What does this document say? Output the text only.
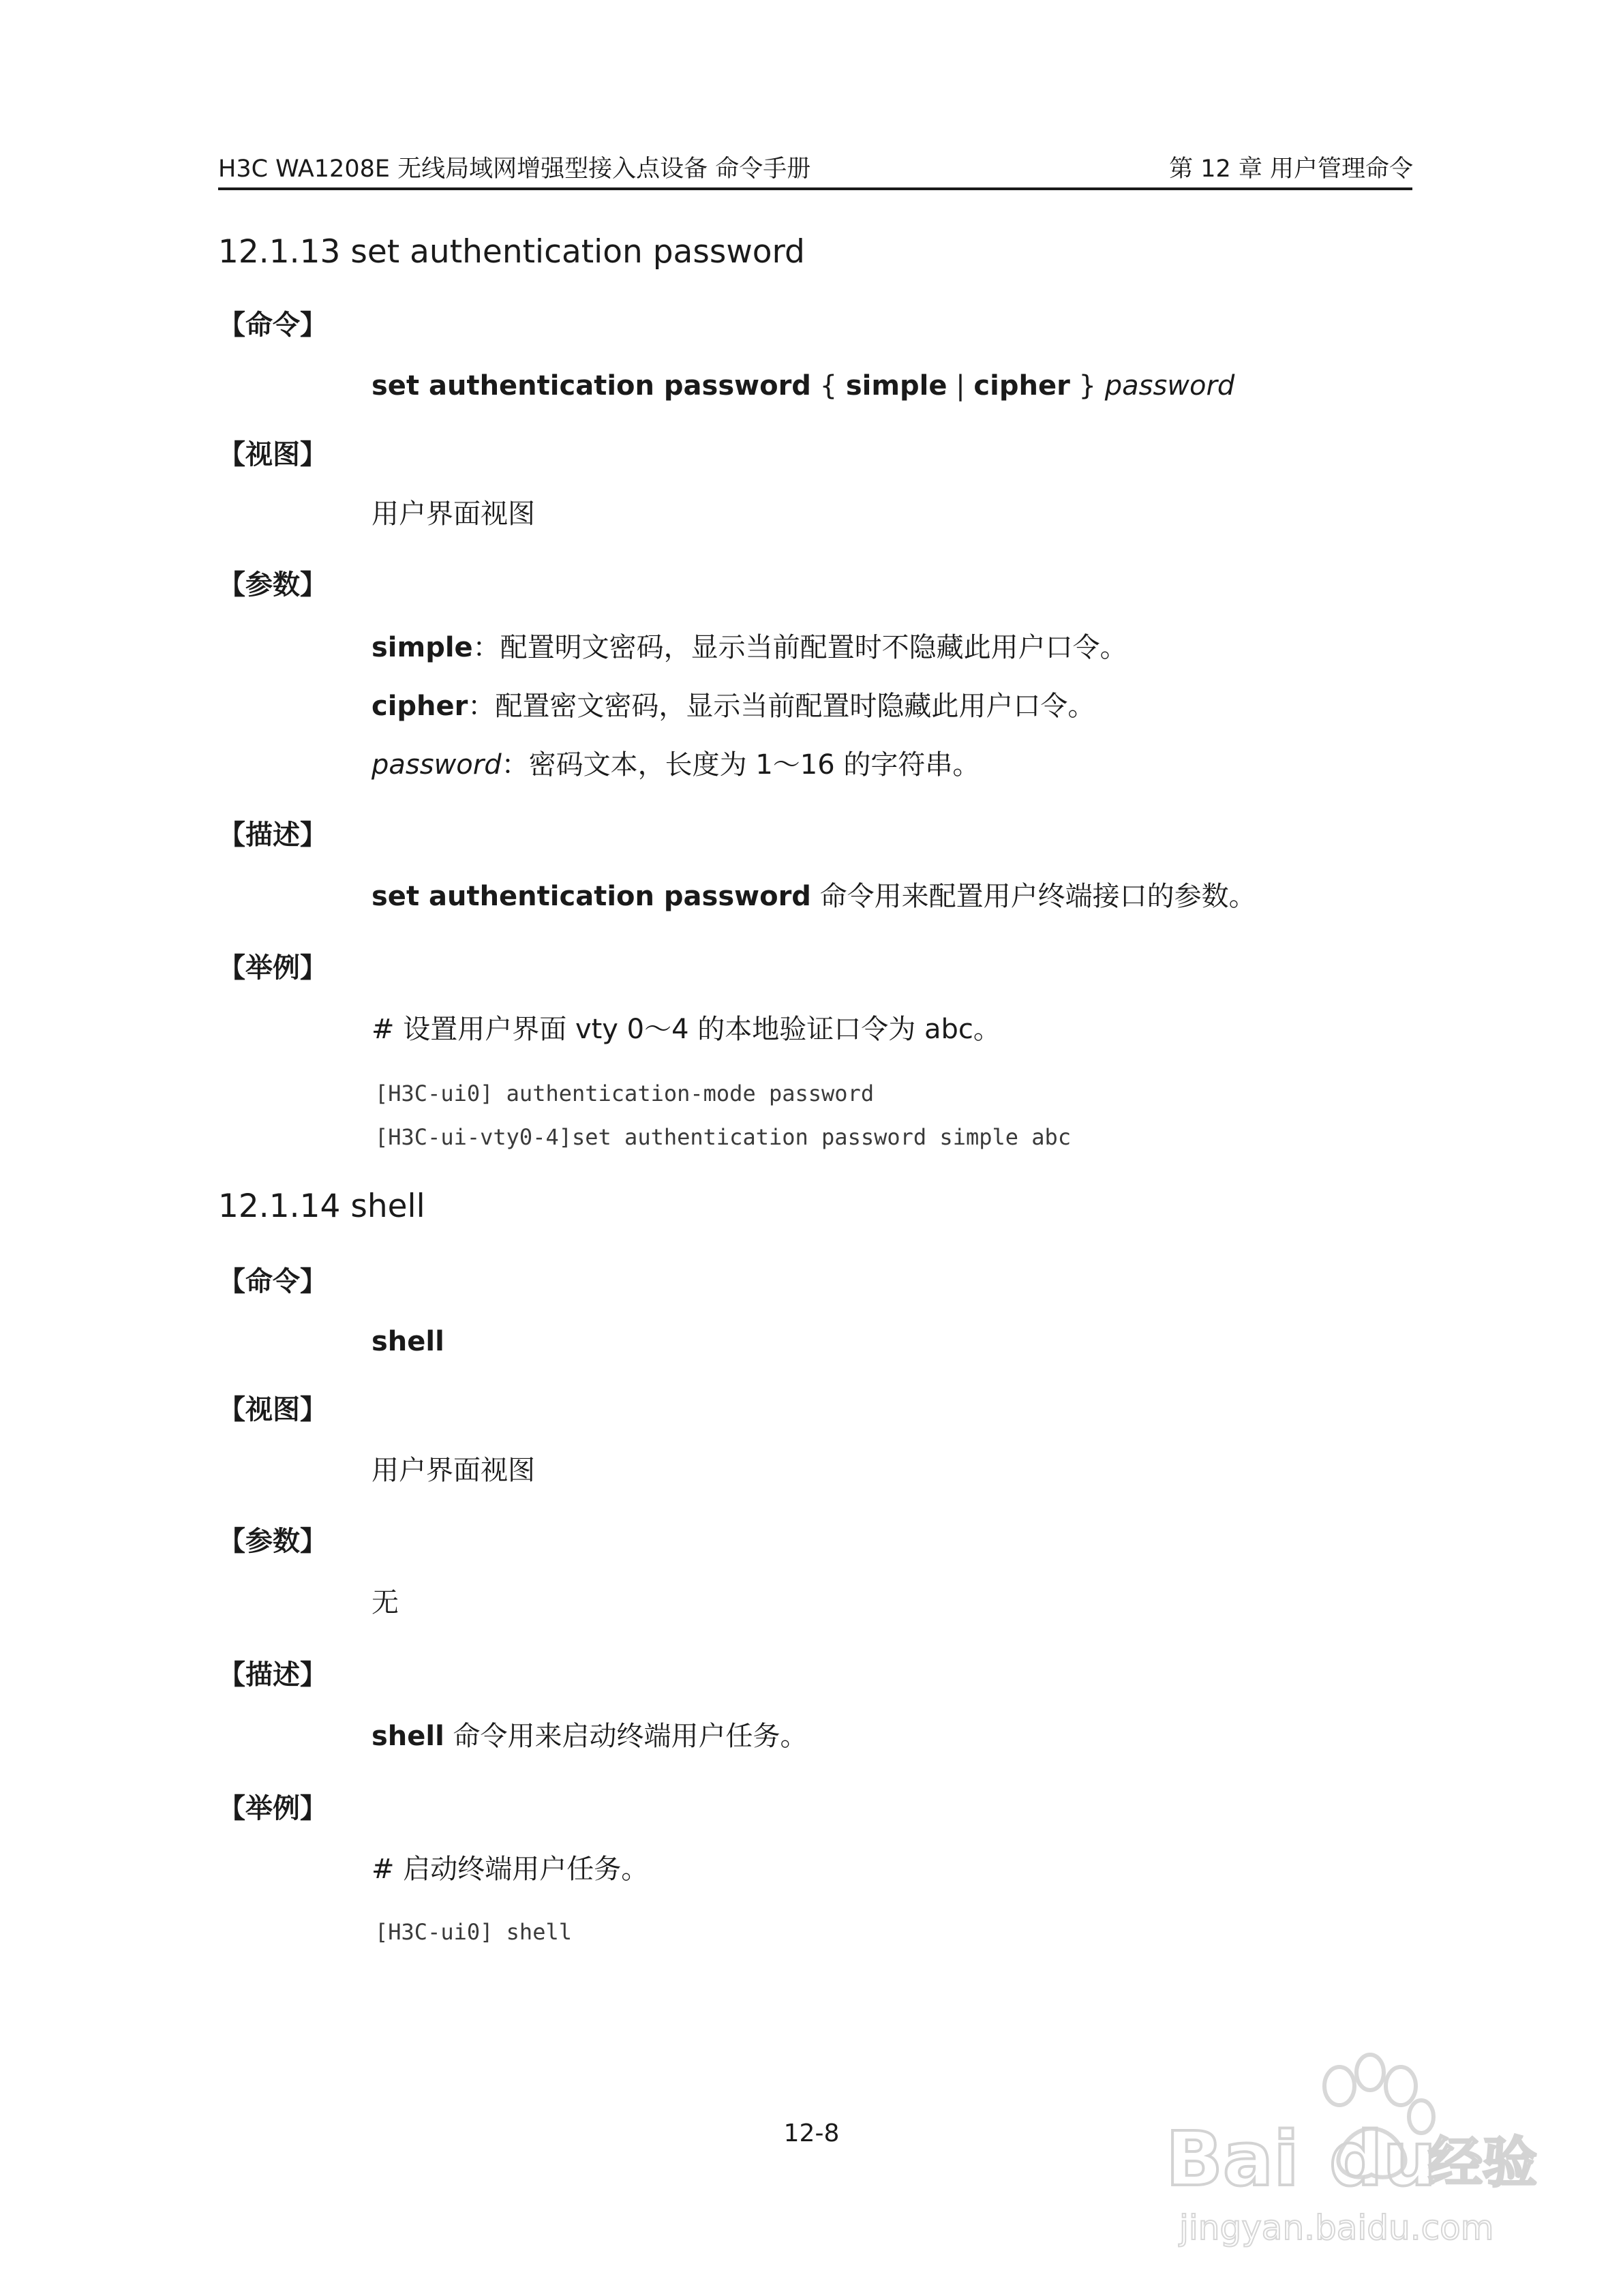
H3C WA1208E 无线局域网增强型接入点设备 命令手册	第 12 章 用户管理命令
12.1.13 set authentication password
【命令】
set authentication password { simple | cipher } password
【视图】
用户界面视图
【参数】
simple：配置明文密码，显示当前配置时不隐藏此用户口令。
cipher：配置密文密码，显示当前配置时隐藏此用户口令。
password：密码文本，长度为 1～16 的字符串。
【描述】
set authentication password 命令用来配置用户终端接口的参数。
【举例】
# 设置用户界面 vty 0～4 的本地验证口令为 abc。
[H3C-ui0] authentication-mode password
[H3C-ui-vty0-4]set authentication password simple abc
12.1.14 shell
【命令】
shell
【视图】
用户界面视图
【参数】
无
【描述】
shell 命令用来启动终端用户任务。
【举例】
# 启动终端用户任务。
[H3C-ui0] shell
12-8	Bai du
经验
jingyan.baidu.com
